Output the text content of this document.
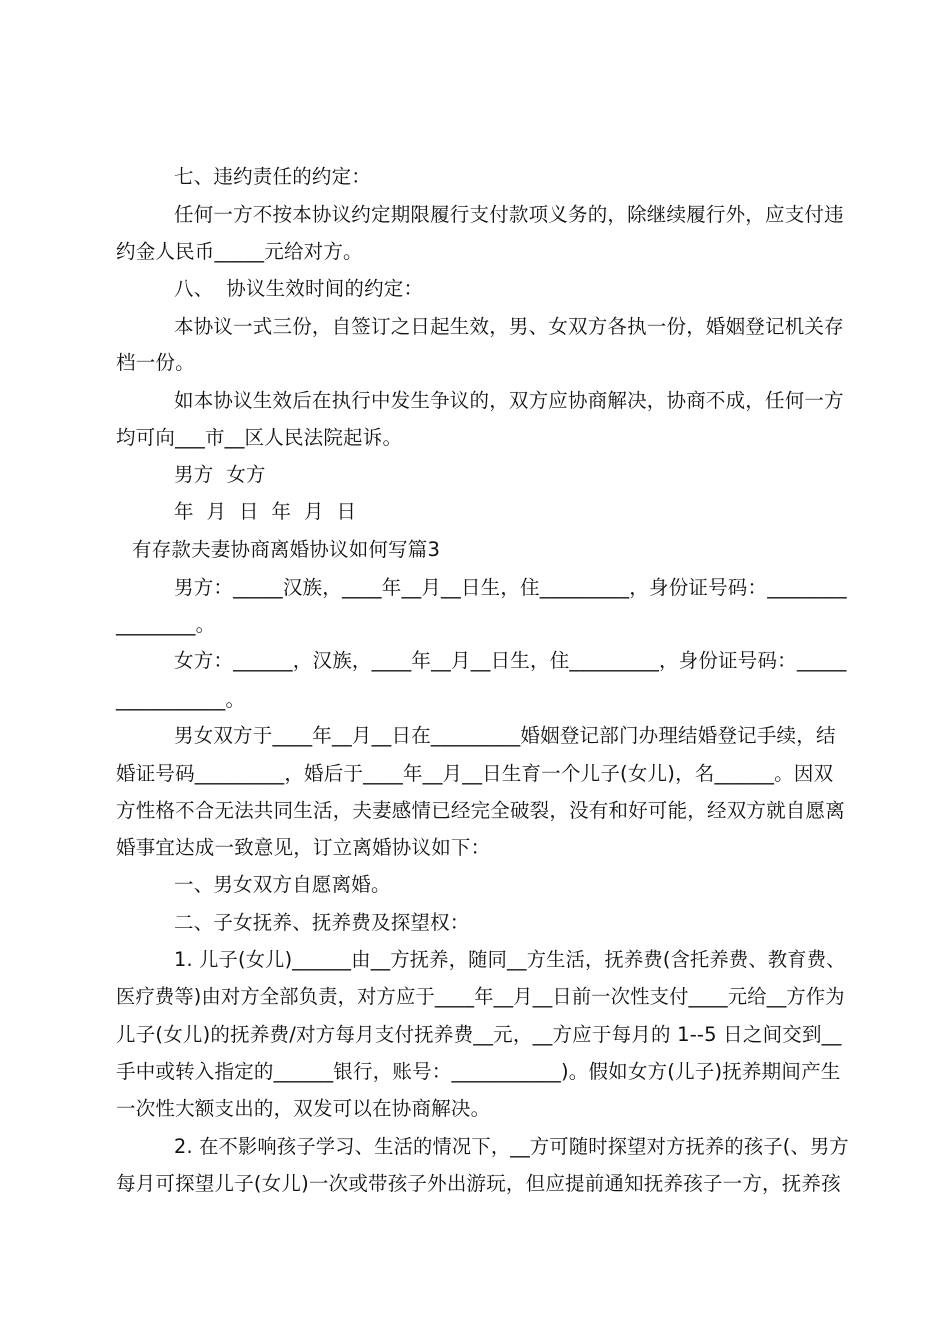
七、违约责任的约定：

任何一方不按本协议约定期限履行支付款项义务的，除继续履行外，应支付违

约金人民币_____元给对方。

八、  协议生效时间的约定：

本协议一式三份，自签订之日起生效，男、女双方各执一份，婚姻登记机关存

档一份。

如本协议生效后在执行中发生争议的，双方应协商解决，协商不成，任何一方

均可向___市__区人民法院起诉。

男方  女方

年  月  日  年  月  日

有存款夫妻协商离婚协议如何写篇3

男方：_____汉族，____年__月__日生，住_________，身份证号码：________

________。

女方：______，汉族，____年__月__日生，住_________，身份证号码：_____

___________。

男女双方于____年__月__日在_________婚姻登记部门办理结婚登记手续，结

婚证号码_________，婚后于____年__月__日生育一个儿子(女儿)，名______。因双

方性格不合无法共同生活，夫妻感情已经完全破裂，没有和好可能，经双方就自愿离

婚事宜达成一致意见，订立离婚协议如下：

一、男女双方自愿离婚。

二、子女抚养、抚养费及探望权：

1. 儿子(女儿)______由__方抚养，随同__方生活，抚养费(含托养费、教育费、

医疗费等)由对方全部负责，对方应于____年__月__日前一次性支付____元给__方作为

儿子(女儿)的抚养费/对方每月支付抚养费__元，__方应于每月的 1--5 日之间交到__

手中或转入指定的______银行，账号：___________)。假如女方(儿子)抚养期间产生

一次性大额支出的，双发可以在协商解决。

2. 在不影响孩子学习、生活的情况下，__方可随时探望对方抚养的孩子(、男方

每月可探望儿子(女儿)一次或带孩子外出游玩，但应提前通知抚养孩子一方，抚养孩
